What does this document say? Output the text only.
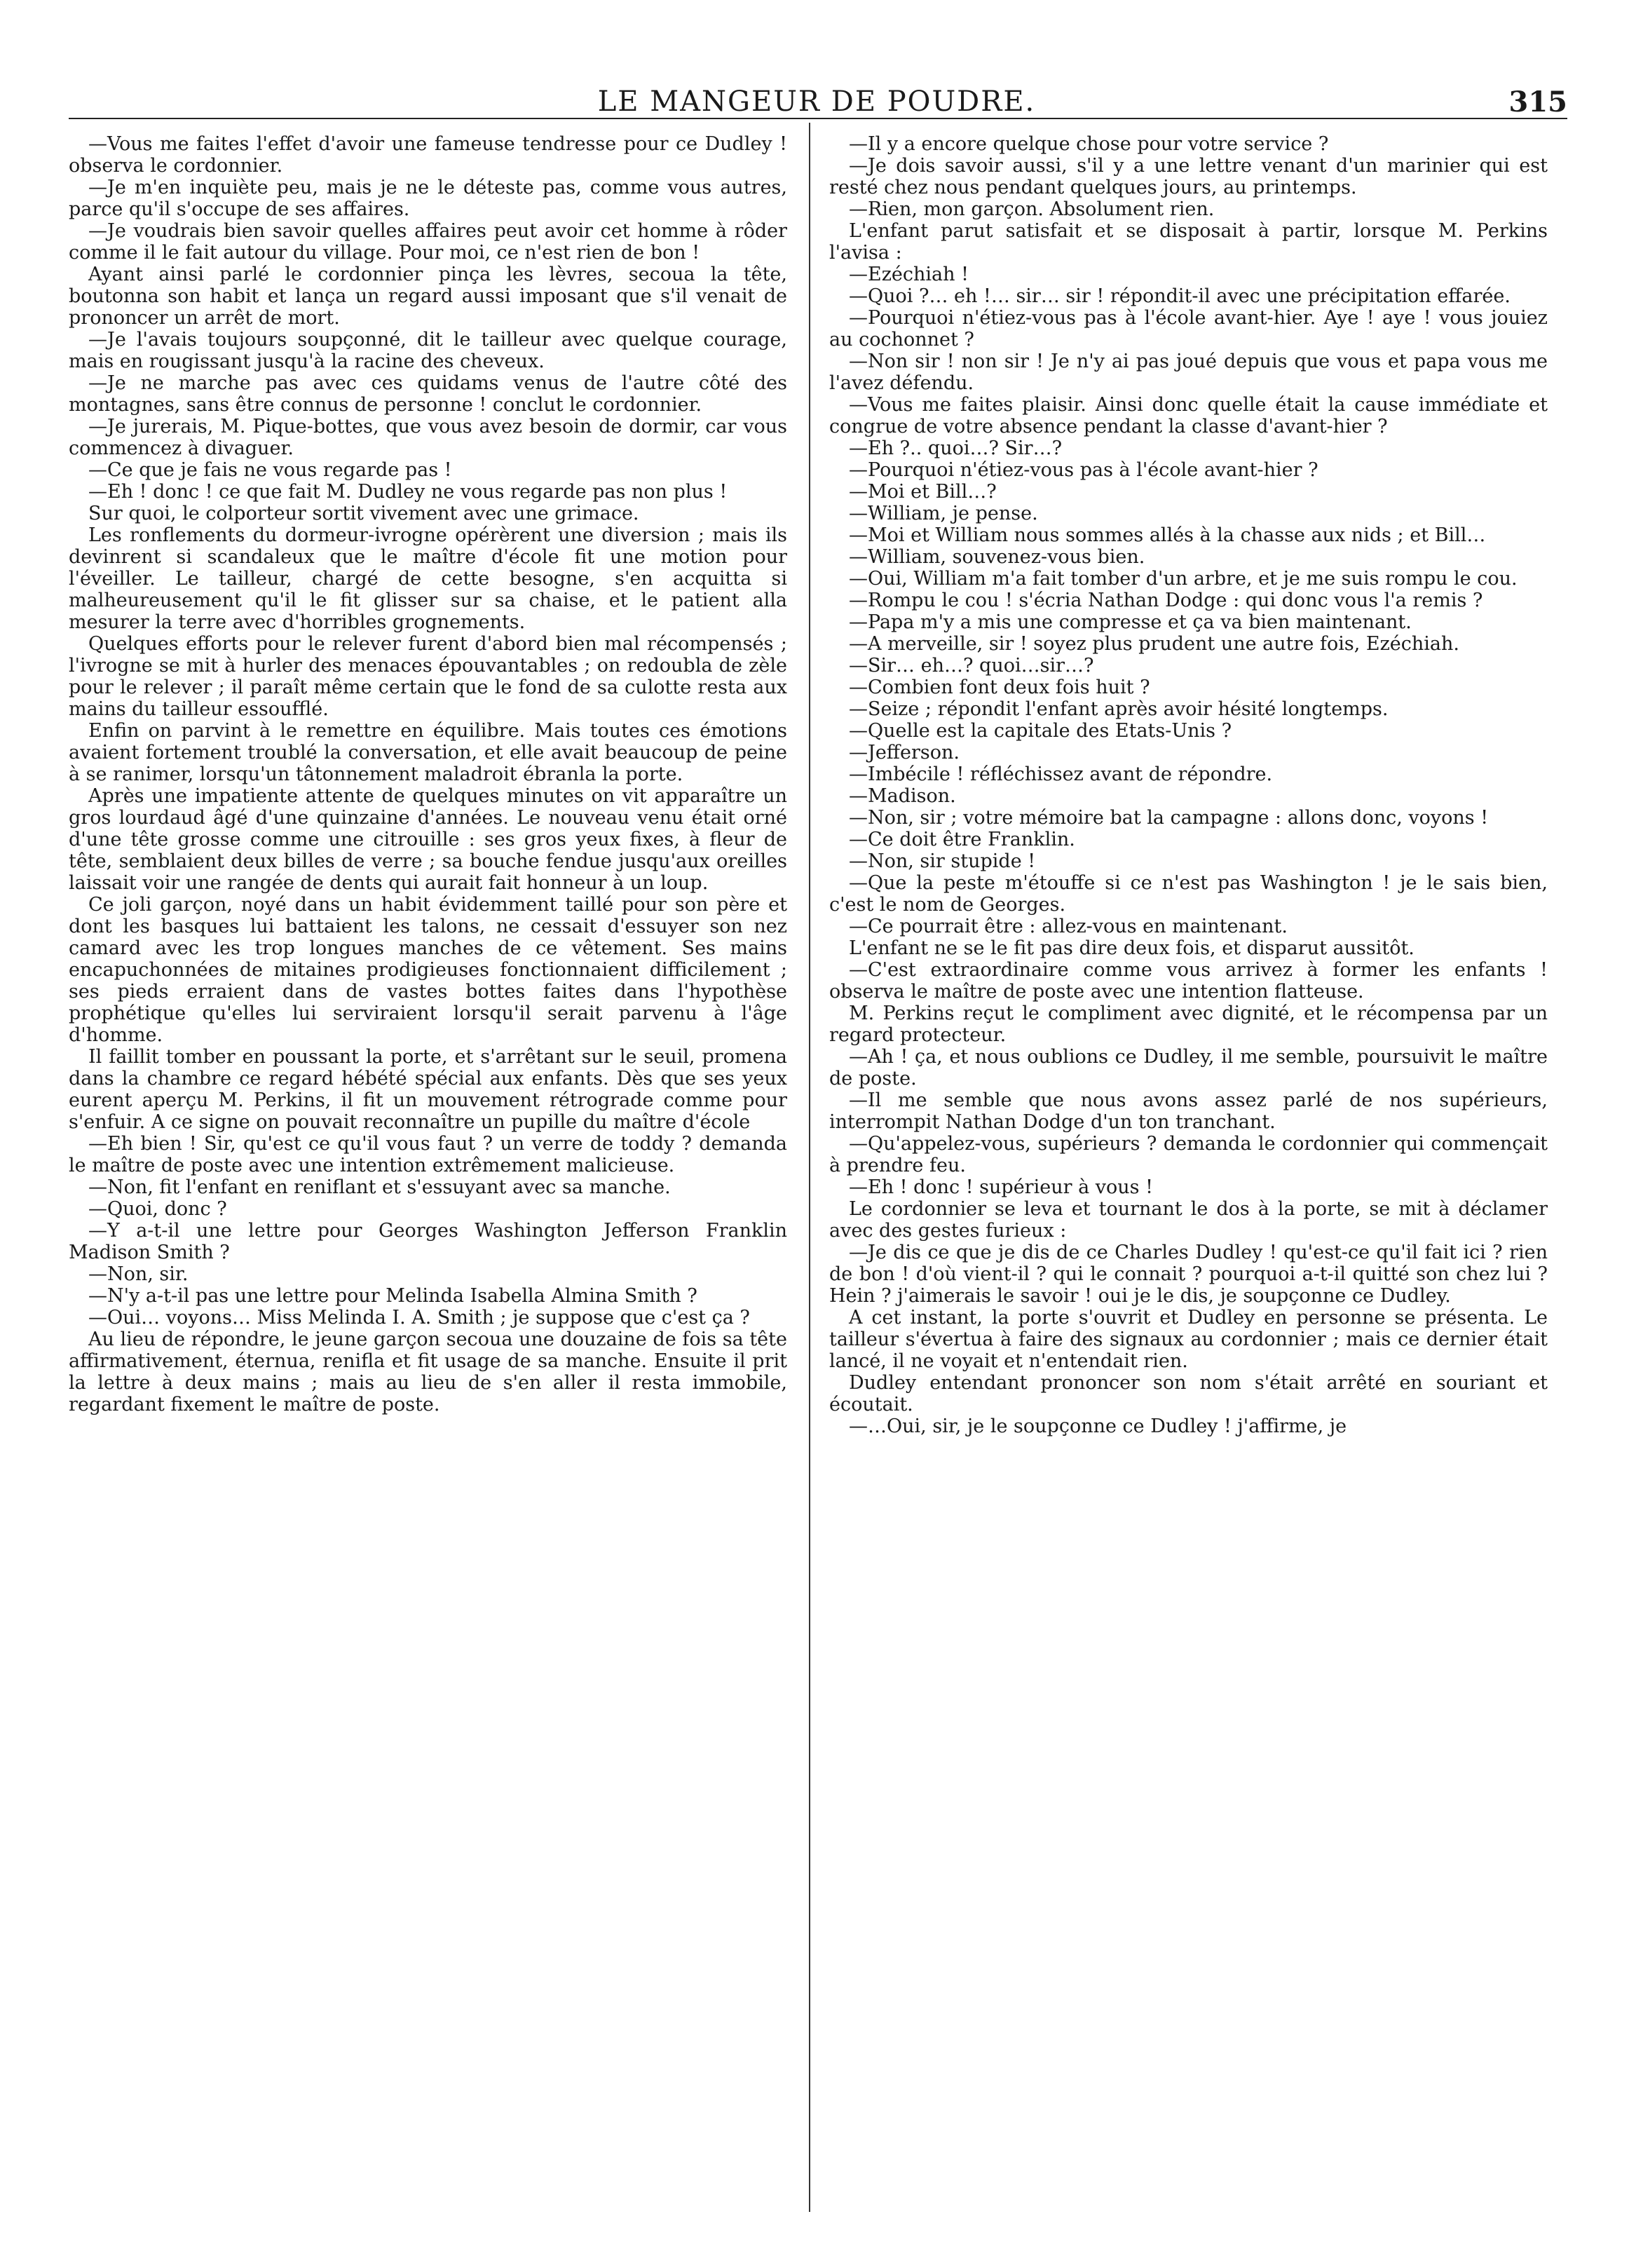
LE MANGEUR DE POUDRE.	315

—Vous me faites l'effet d'avoir une fameuse tendresse pour ce Dudley ! observa le cordonnier.

—Je m'en inquiète peu, mais je ne le déteste pas, comme vous autres, parce qu'il s'occupe de ses affaires.

—Je voudrais bien savoir quelles affaires peut avoir cet homme à rôder comme il le fait autour du village. Pour moi, ce n'est rien de bon !

Ayant ainsi parlé le cordonnier pinça les lèvres, secoua la tête, boutonna son habit et lança un regard aussi imposant que s'il venait de prononcer un arrêt de mort.

—Je l'avais toujours soupçonné, dit le tailleur avec quelque courage, mais en rougissant jusqu'à la racine des cheveux.

—Je ne marche pas avec ces quidams venus de l'autre côté des montagnes, sans être connus de personne ! conclut le cordonnier.

—Je jurerais, M. Pique-bottes, que vous avez besoin de dormir, car vous commencez à divaguer.

—Ce que je fais ne vous regarde pas !

—Eh ! donc ! ce que fait M. Dudley ne vous regarde pas non plus !

Sur quoi, le colporteur sortit vivement avec une grimace.

Les ronflements du dormeur-ivrogne opérèrent une diversion ; mais ils devinrent si scandaleux que le maître d'école fit une motion pour l'éveiller. Le tailleur, chargé de cette besogne, s'en acquitta si malheureusement qu'il le fit glisser sur sa chaise, et le patient alla mesurer la terre avec d'horribles grognements.

Quelques efforts pour le relever furent d'abord bien mal récompensés ; l'ivrogne se mit à hurler des menaces épouvantables ; on redoubla de zèle pour le relever ; il paraît même certain que le fond de sa culotte resta aux mains du tailleur essoufflé.

Enfin on parvint à le remettre en équilibre. Mais toutes ces émotions avaient fortement troublé la conversation, et elle avait beaucoup de peine à se ranimer, lorsqu'un tâtonnement maladroit ébranla la porte.

Après une impatiente attente de quelques minutes on vit apparaître un gros lourdaud âgé d'une quinzaine d'années. Le nouveau venu était orné d'une tête grosse comme une citrouille : ses gros yeux fixes, à fleur de tête, semblaient deux billes de verre ; sa bouche fendue jusqu'aux oreilles laissait voir une rangée de dents qui aurait fait honneur à un loup.

Ce joli garçon, noyé dans un habit évidemment taillé pour son père et dont les basques lui battaient les talons, ne cessait d'essuyer son nez camard avec les trop longues manches de ce vêtement. Ses mains encapuchonnées de mitaines prodigieuses fonctionnaient difficilement ; ses pieds erraient dans de vastes bottes faites dans l'hypothèse prophétique qu'elles lui serviraient lorsqu'il serait parvenu à l'âge d'homme.

Il faillit tomber en poussant la porte, et s'arrêtant sur le seuil, promena dans la chambre ce regard hébété spécial aux enfants. Dès que ses yeux eurent aperçu M. Perkins, il fit un mouvement rétrograde comme pour s'enfuir. A ce signe on pouvait reconnaître un pupille du maître d'école

—Eh bien ! Sir, qu'est ce qu'il vous faut ? un verre de toddy ? demanda le maître de poste avec une intention extrêmement malicieuse.

—Non, fit l'enfant en reniflant et s'essuyant avec sa manche.

—Quoi, donc ?

—Y a-t-il une lettre pour Georges Washington Jefferson Franklin Madison Smith ?

—Non, sir.

—N'y a-t-il pas une lettre pour Melinda Isabella Almina Smith ?

—Oui… voyons… Miss Melinda I. A. Smith ; je suppose que c'est ça ?

Au lieu de répondre, le jeune garçon secoua une douzaine de fois sa tête affirmativement, éternua, renifla et fit usage de sa manche. Ensuite il prit la lettre à deux mains ; mais au lieu de s'en aller il resta immobile, regardant fixement le maître de poste.

—Il y a encore quelque chose pour votre service ?

—Je dois savoir aussi, s'il y a une lettre venant d'un marinier qui est resté chez nous pendant quelques jours, au printemps.

—Rien, mon garçon. Absolument rien.

L'enfant parut satisfait et se disposait à partir, lorsque M. Perkins l'avisa :

—Ezéchiah !

—Quoi ?… eh !… sir… sir ! répondit-il avec une précipitation effarée.

—Pourquoi n'étiez-vous pas à l'école avant-hier. Aye ! aye ! vous jouiez au cochonnet ?

—Non sir ! non sir ! Je n'y ai pas joué depuis que vous et papa vous me l'avez défendu.

—Vous me faites plaisir. Ainsi donc quelle était la cause immédiate et congrue de votre absence pendant la classe d'avant-hier ?

—Eh ?.. quoi…? Sir…?

—Pourquoi n'étiez-vous pas à l'école avant-hier ?

—Moi et Bill…?

—William, je pense.

—Moi et William nous sommes allés à la chasse aux nids ; et Bill…

—William, souvenez-vous bien.

—Oui, William m'a fait tomber d'un arbre, et je me suis rompu le cou.

—Rompu le cou ! s'écria Nathan Dodge : qui donc vous l'a remis ?

—Papa m'y a mis une compresse et ça va bien maintenant.

—A merveille, sir ! soyez plus prudent une autre fois, Ezéchiah.

—Sir… eh…? quoi…sir…?

—Combien font deux fois huit ?

—Seize ; répondit l'enfant après avoir hésité longtemps.

—Quelle est la capitale des Etats-Unis ?

—Jefferson.

—Imbécile ! réfléchissez avant de répondre.

—Madison.

—Non, sir ; votre mémoire bat la campagne : allons donc, voyons !

—Ce doit être Franklin.

—Non, sir stupide !

—Que la peste m'étouffe si ce n'est pas Washington ! je le sais bien, c'est le nom de Georges.

—Ce pourrait être : allez-vous en maintenant.

L'enfant ne se le fit pas dire deux fois, et disparut aussitôt.

—C'est extraordinaire comme vous arrivez à former les enfants ! observa le maître de poste avec une intention flatteuse.

M. Perkins reçut le compliment avec dignité, et le récompensa par un regard protecteur.

—Ah ! ça, et nous oublions ce Dudley, il me semble, poursuivit le maître de poste.

—Il me semble que nous avons assez parlé de nos supérieurs, interrompit Nathan Dodge d'un ton tranchant.

—Qu'appelez-vous, supérieurs ? demanda le cordonnier qui commençait à prendre feu.

—Eh ! donc ! supérieur à vous !

Le cordonnier se leva et tournant le dos à la porte, se mit à déclamer avec des gestes furieux :

—Je dis ce que je dis de ce Charles Dudley ! qu'est-ce qu'il fait ici ? rien de bon ! d'où vient-il ? qui le connait ? pourquoi a-t-il quitté son chez lui ? Hein ? j'aimerais le savoir ! oui je le dis, je soupçonne ce Dudley.

A cet instant, la porte s'ouvrit et Dudley en personne se présenta. Le tailleur s'évertua à faire des signaux au cordonnier ; mais ce dernier était lancé, il ne voyait et n'entendait rien.

Dudley entendant prononcer son nom s'était arrêté en souriant et écoutait.

—…Oui, sir, je le soupçonne ce Dudley ! j'affirme, je
